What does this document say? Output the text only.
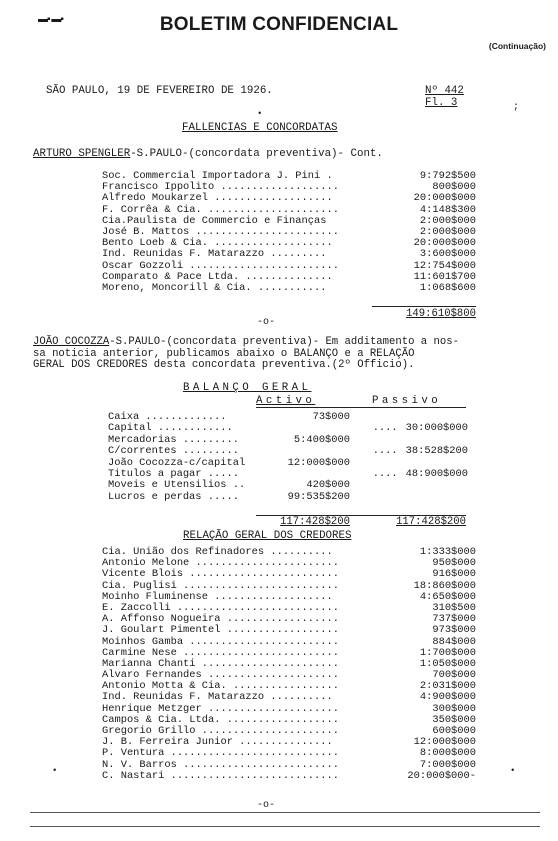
▬▪ ▬▪	BOLETIM CONFIDENCIAL
(Continuação)
SÃO PAULO, 19 DE FEVEREIRO DE 1926.	Nº 442
Fl. 3	;
•
FALLENCIAS E CONCORDATAS
ARTURO SPENGLER-S.PAULO-(concordata preventiva)- Cont.
Soc. Commercial Importadora J. Pini .	9:792$500
Francisco Ippolito ...................	800$000
Alfredo Moukarzel ...................	20:000$000
F. Corrêa & Cia. .....................	4:148$300
Cia.Paulista de Commercio e Finanças	2:000$000
José B. Mattos .......................	2:000$000
Bento Loeb & Cia. ...................	20:000$000
Ind. Reunidas F. Matarazzo .........	3:600$000
Oscar Gozzoli ........................	12:754$000
Comparato & Pace Ltda. ..............	11:601$700
Moreno, Moncorill & Cia. ...........	1:068$600
149:610$800
-o-
JOÃO COCOZZA-S.PAULO-(concordata preventiva)- Em additamento a nos-
sa noticia anterior, publicamos abaixo o BALANÇO e a RELAÇÃO
GERAL DOS CREDORES desta concordata preventiva.(2º Officio).
BALANÇO GERAL
Activo	Passivo
Caixa .............	73$000
Capital ............	.... 30:000$000
Mercadorias .........	5:400$000
C/correntes .........	.... 38:528$200
João Cocozza-c/capital	12:000$000
Titulos a pagar .....	.... 48:900$000
Moveis e Utensilios ..	420$000
Lucros e perdas .....	99:535$200
117:428$200	117:428$200
RELAÇÃO GERAL DOS CREDORES
Cia. União dos Refinadores ..........	1:333$000
Antonio Melone .......................	950$000
Vicente Blois ........................	916$000
Cia. Puglisi .........................	18:860$000
Moinho Fluminense ...................	4:650$000
E. Zaccolli ..........................	310$500
A. Affonso Nogueira ..................	737$000
J. Goulart Pimentel ..................	973$000
Moinhos Gamba ........................	884$000
Carmine Nese .........................	1:700$000
Marianna Chanti ......................	1:050$000
Alvaro Fernandes .....................	700$000
Antonio Motta & Cia. .................	2:031$000
Ind. Reunidas F. Matarazzo ..........	4:900$000
Henrique Metzger .....................	300$000
Campos & Cia. Ltda. ..................	350$000
Gregorio Grillo ......................	600$000
J. B. Ferreira Junior ...............	12:000$000
P. Ventura ...........................	8:000$000
N. V. Barros .........................	7:000$000
C. Nastari ...........................	20:000$000-
•	•
-o-
